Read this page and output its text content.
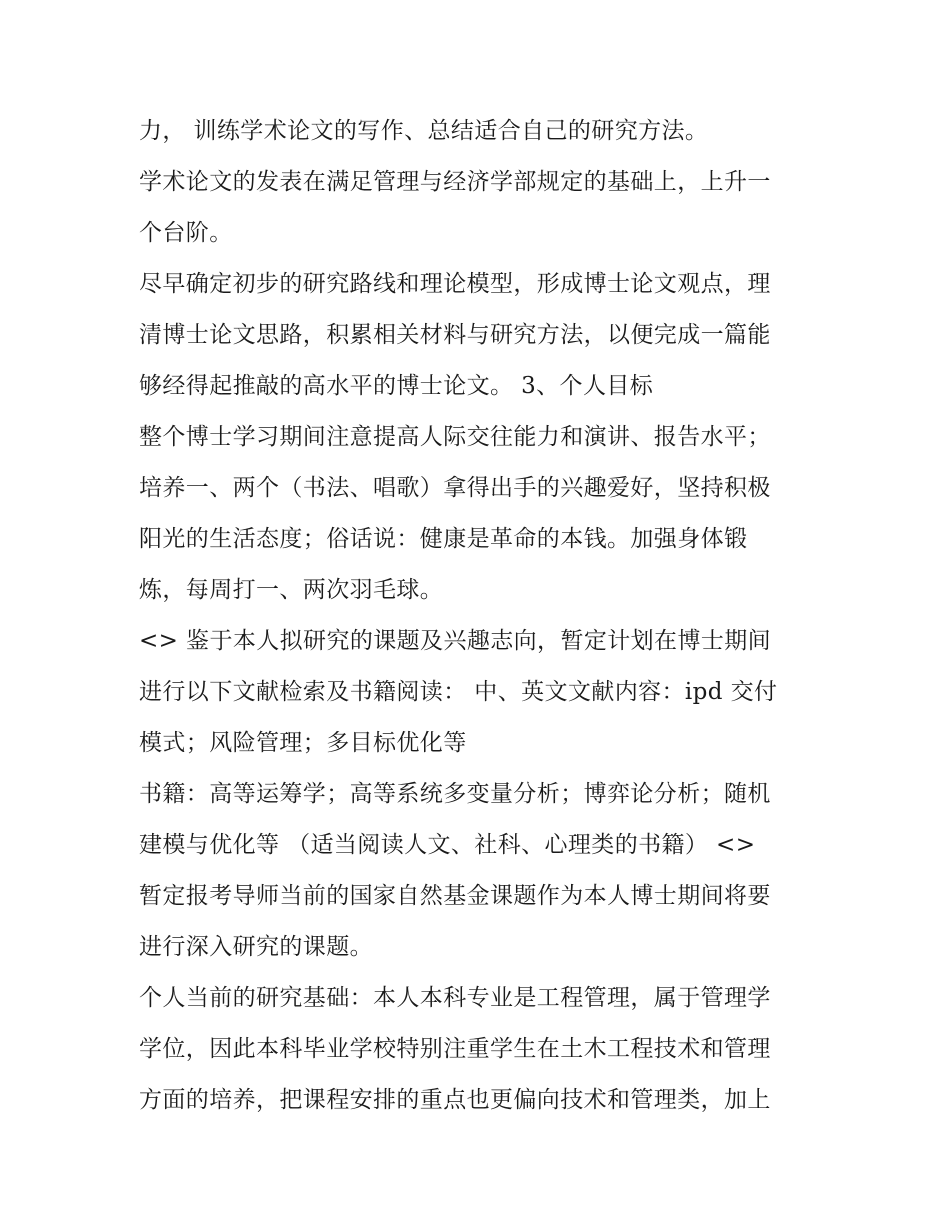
力， 训练学术论文的写作、总结适合自己的研究方法。
学术论文的发表在满足管理与经济学部规定的基础上，上升一
个台阶。
尽早确定初步的研究路线和理论模型，形成博士论文观点，理
清博士论文思路，积累相关材料与研究方法，以便完成一篇能
够经得起推敲的高水平的博士论文。 3、个人目标
整个博士学习期间注意提高人际交往能力和演讲、报告水平；
培养一、两个（书法、唱歌）拿得出手的兴趣爱好，坚持积极
阳光的生活态度；俗话说：健康是革命的本钱。加强身体锻
炼，每周打一、两次羽毛球。
<> 鉴于本人拟研究的课题及兴趣志向，暂定计划在博士期间
进行以下文献检索及书籍阅读： 中、英文文献内容：ipd 交付
模式；风险管理；多目标优化等
书籍：高等运筹学；高等系统多变量分析；博弈论分析；随机
建模与优化等 （适当阅读人文、社科、心理类的书籍） <>
暂定报考导师当前的国家自然基金课题作为本人博士期间将要
进行深入研究的课题。
个人当前的研究基础：本人本科专业是工程管理，属于管理学
学位，因此本科毕业学校特别注重学生在土木工程技术和管理
方面的培养，把课程安排的重点也更偏向技术和管理类，加上
